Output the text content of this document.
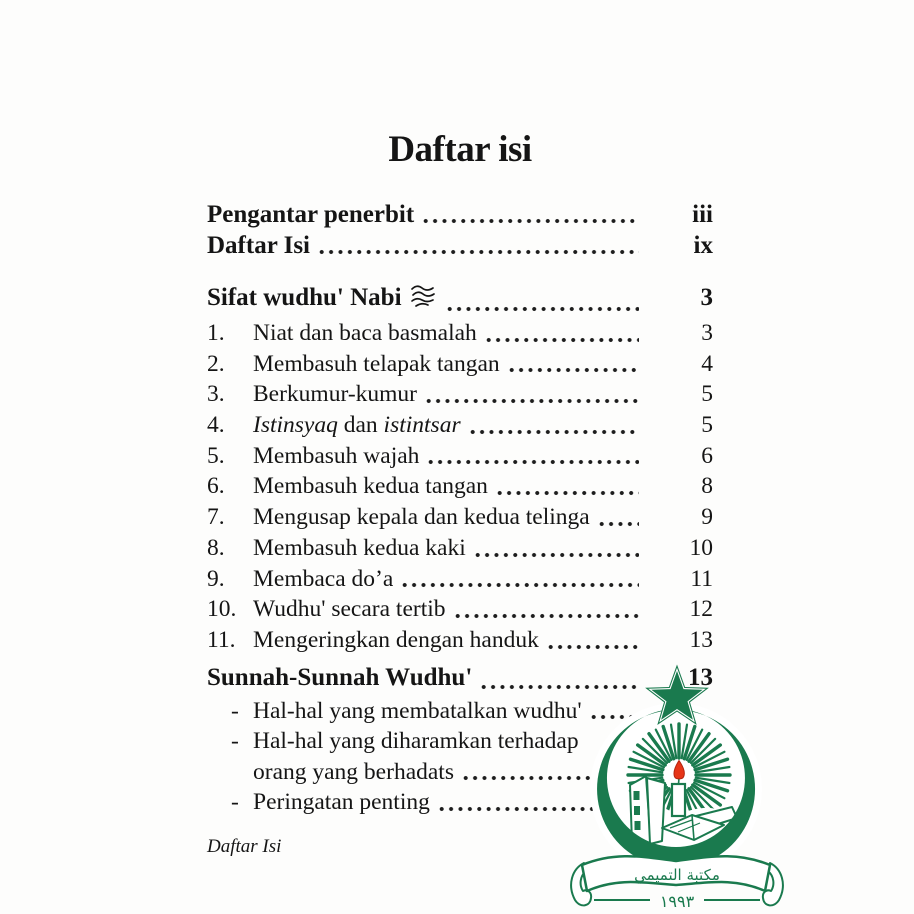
Daftar isi
Pengantar penerbit	iii
Daftar Isi	ix
Sifat wudhu' Nabi	3
1.	Niat dan baca basmalah	3
2.	Membasuh telapak tangan	4
3.	Berkumur-kumur	5
4.	Istinsyaq dan istintsar	5
5.	Membasuh wajah	6
6.	Membasuh kedua tangan	8
7.	Mengusap kepala dan kedua telinga	9
8.	Membasuh kedua kaki	10
9.	Membaca do’a	11
10. Wudhu' secara tertib	12
11. Mengeringkan dengan handuk	13
Sunnah-Sunnah Wudhu'	13
- Hal-hal yang membatalkan wudhu'
- Hal-hal yang diharamkan terhadap
orang yang berhadats
- Peringatan penting
Daftar Isi
مكتبة التميمي
١٩٩٣
